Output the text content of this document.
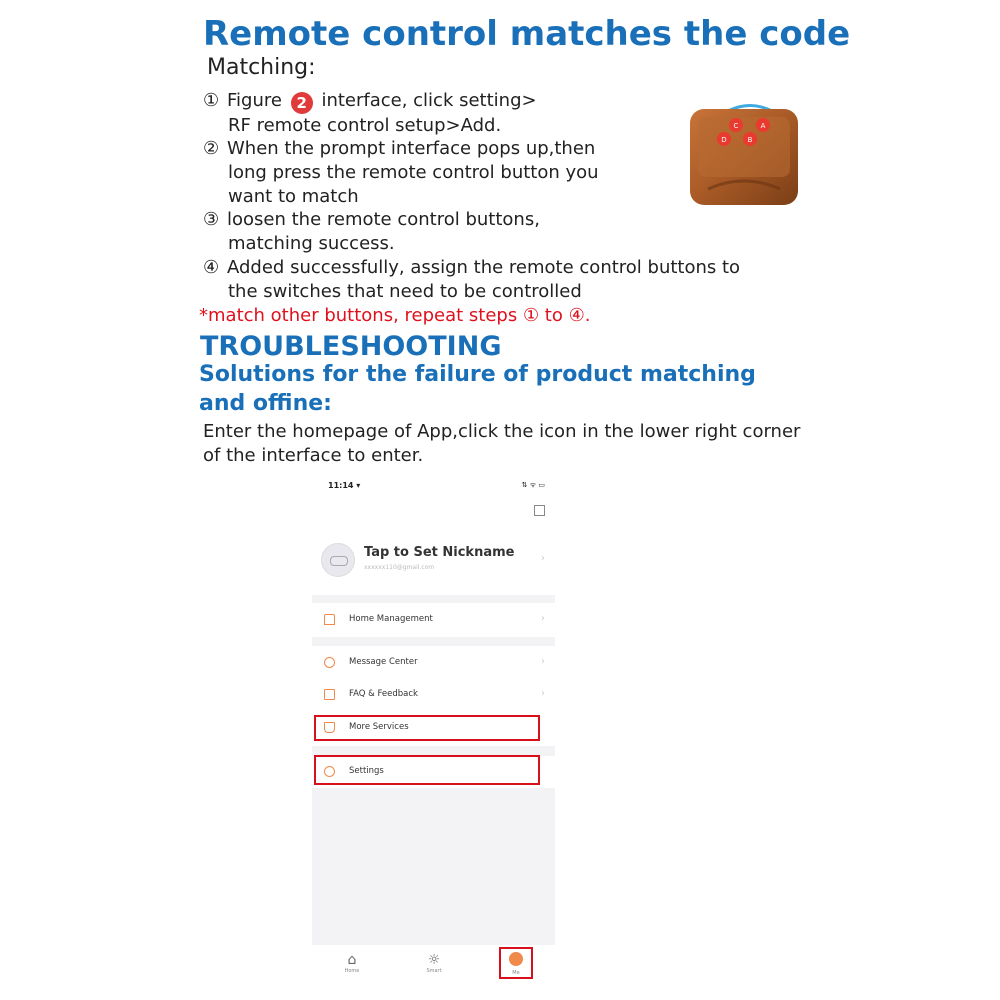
Remote control matches the code
Matching:
① Figure 2 interface, click setting>
RF remote control setup>Add.
② When the prompt interface pops up,then
long press the remote control button you
want to match
③ loosen the remote control buttons,
matching success.
④ Added successfully, assign the remote control buttons to
the switches that need to be controlled
*match other buttons, repeat steps ① to ④.
TROUBLESHOOTING
Solutions for the failure of product matching and offine:
Enter the homepage of App,click the icon in the lower right corner of the interface to enter.
C	A
D	B
11:14 ▾	⇅ ᯤ ▭
Tap to Set Nickname
xxxxxx110@gmail.com
›
Home Management	›
Message Center	›
FAQ & Feedback	›
More Services
Settings
⌂
Home
☼
Smart	Me
